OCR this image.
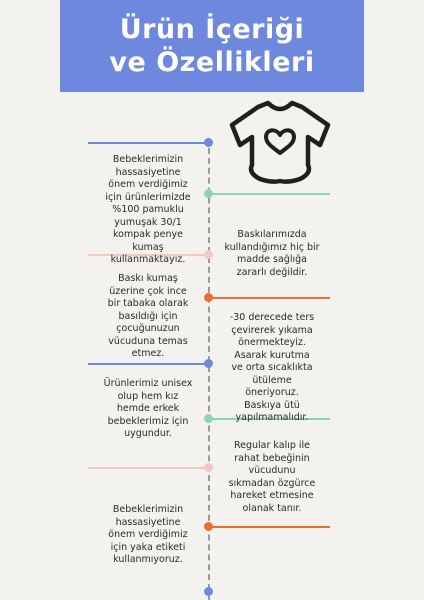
Ürün İçeriği
ve Özellikleri
Bebeklerimizin
hassasiyetine
önem verdiğimiz
için ürünlerimizde
%100 pamuklu
yumuşak 30/1
kompak penye
kumaş
kullanmaktayız.
Baskılarımızda
kullandığımız hiç bir
madde sağlığa
zararlı değildir.
Baskı kumaş
üzerine çok ince
bir tabaka olarak
basıldığı için
çocuğunuzun
vücuduna temas
etmez.
-30 derecede ters
çevirerek yıkama
önermekteyiz.
Asarak kurutma
ve orta sıcaklıkta
ütüleme
öneriyoruz.
Baskıya ütü
yapılmamalıdır.
Ürünlerimiz unisex
olup hem kız
hemde erkek
bebeklerimiz için
uygundur.
Regular kalıp ile
rahat bebeğinin
vücudunu
sıkmadan özgürce
hareket etmesine
olanak tanır.
Bebeklerimizin
hassasiyetine
önem verdiğimiz
için yaka etiketi
kullanmıyoruz.
